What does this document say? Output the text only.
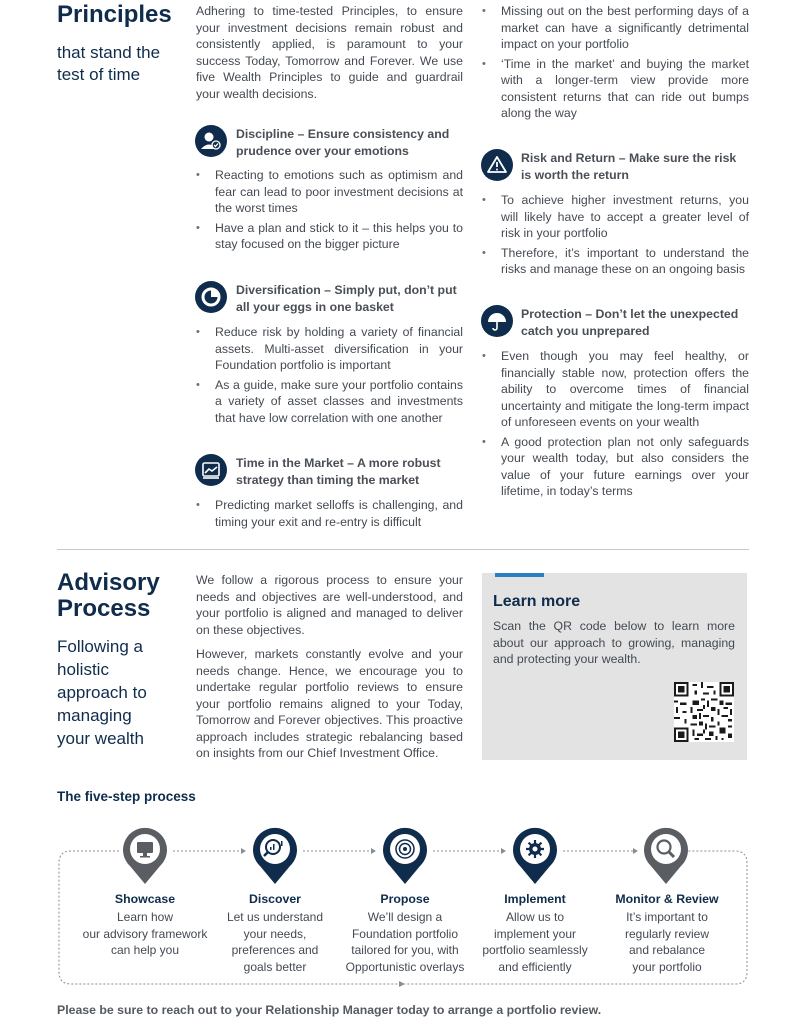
Principles
that stand the
test of time
Adhering to time-tested Principles, to ensure your investment decisions remain robust and consistently applied, is paramount to your success Today, Tomorrow and Forever. We use five Wealth Principles to guide and guardrail your wealth decisions.
Discipline – Ensure consistency and prudence over your emotions
• Reacting to emotions such as optimism and fear can lead to poor investment decisions at the worst times
• Have a plan and stick to it – this helps you to stay focused on the bigger picture
Diversification – Simply put, don’t put all your eggs in one basket
• Reduce risk by holding a variety of financial assets. Multi-asset diversification in your Foundation portfolio is important
• As a guide, make sure your portfolio contains a variety of asset classes and investments that have low correlation with one another
Time in the Market – A more robust strategy than timing the market
• Predicting market selloffs is challenging, and timing your exit and re-entry is difficult
• Missing out on the best performing days of a market can have a significantly detrimental impact on your portfolio
• ‘Time in the market’ and buying the market with a longer-term view provide more consistent returns that can ride out bumps along the way
Risk and Return – Make sure the risk is worth the return
• To achieve higher investment returns, you will likely have to accept a greater level of risk in your portfolio
• Therefore, it’s important to understand the risks and manage these on an ongoing basis
Protection – Don’t let the unexpected catch you unprepared
• Even though you may feel healthy, or financially stable now, protection offers the ability to overcome times of financial uncertainty and mitigate the long-term impact of unforeseen events on your wealth
• A good protection plan not only safeguards your wealth today, but also considers the value of your future earnings over your lifetime, in today’s terms
Advisory
Process
Following a
holistic
approach to
managing
your wealth
We follow a rigorous process to ensure your needs and objectives are well-understood, and your portfolio is aligned and managed to deliver on these objectives.
However, markets constantly evolve and your needs change. Hence, we encourage you to undertake regular portfolio reviews to ensure your portfolio remains aligned to your Today, Tomorrow and Forever objectives. This proactive approach includes strategic rebalancing based on insights from our Chief Investment Office.
Learn more
Scan the QR code below to learn more about our approach to growing, managing and protecting your wealth.
The five-step process
Showcase
Learn how
our advisory framework
can help you
Discover
Let us understand
your needs,
preferences and
goals better
Propose
We’ll design a
Foundation portfolio
tailored for you, with
Opportunistic overlays
Implement
Allow us to
implement your
portfolio seamlessly
and efficiently
Monitor & Review
It’s important to
regularly review
and rebalance
your portfolio
Please be sure to reach out to your Relationship Manager today to arrange a portfolio review.
